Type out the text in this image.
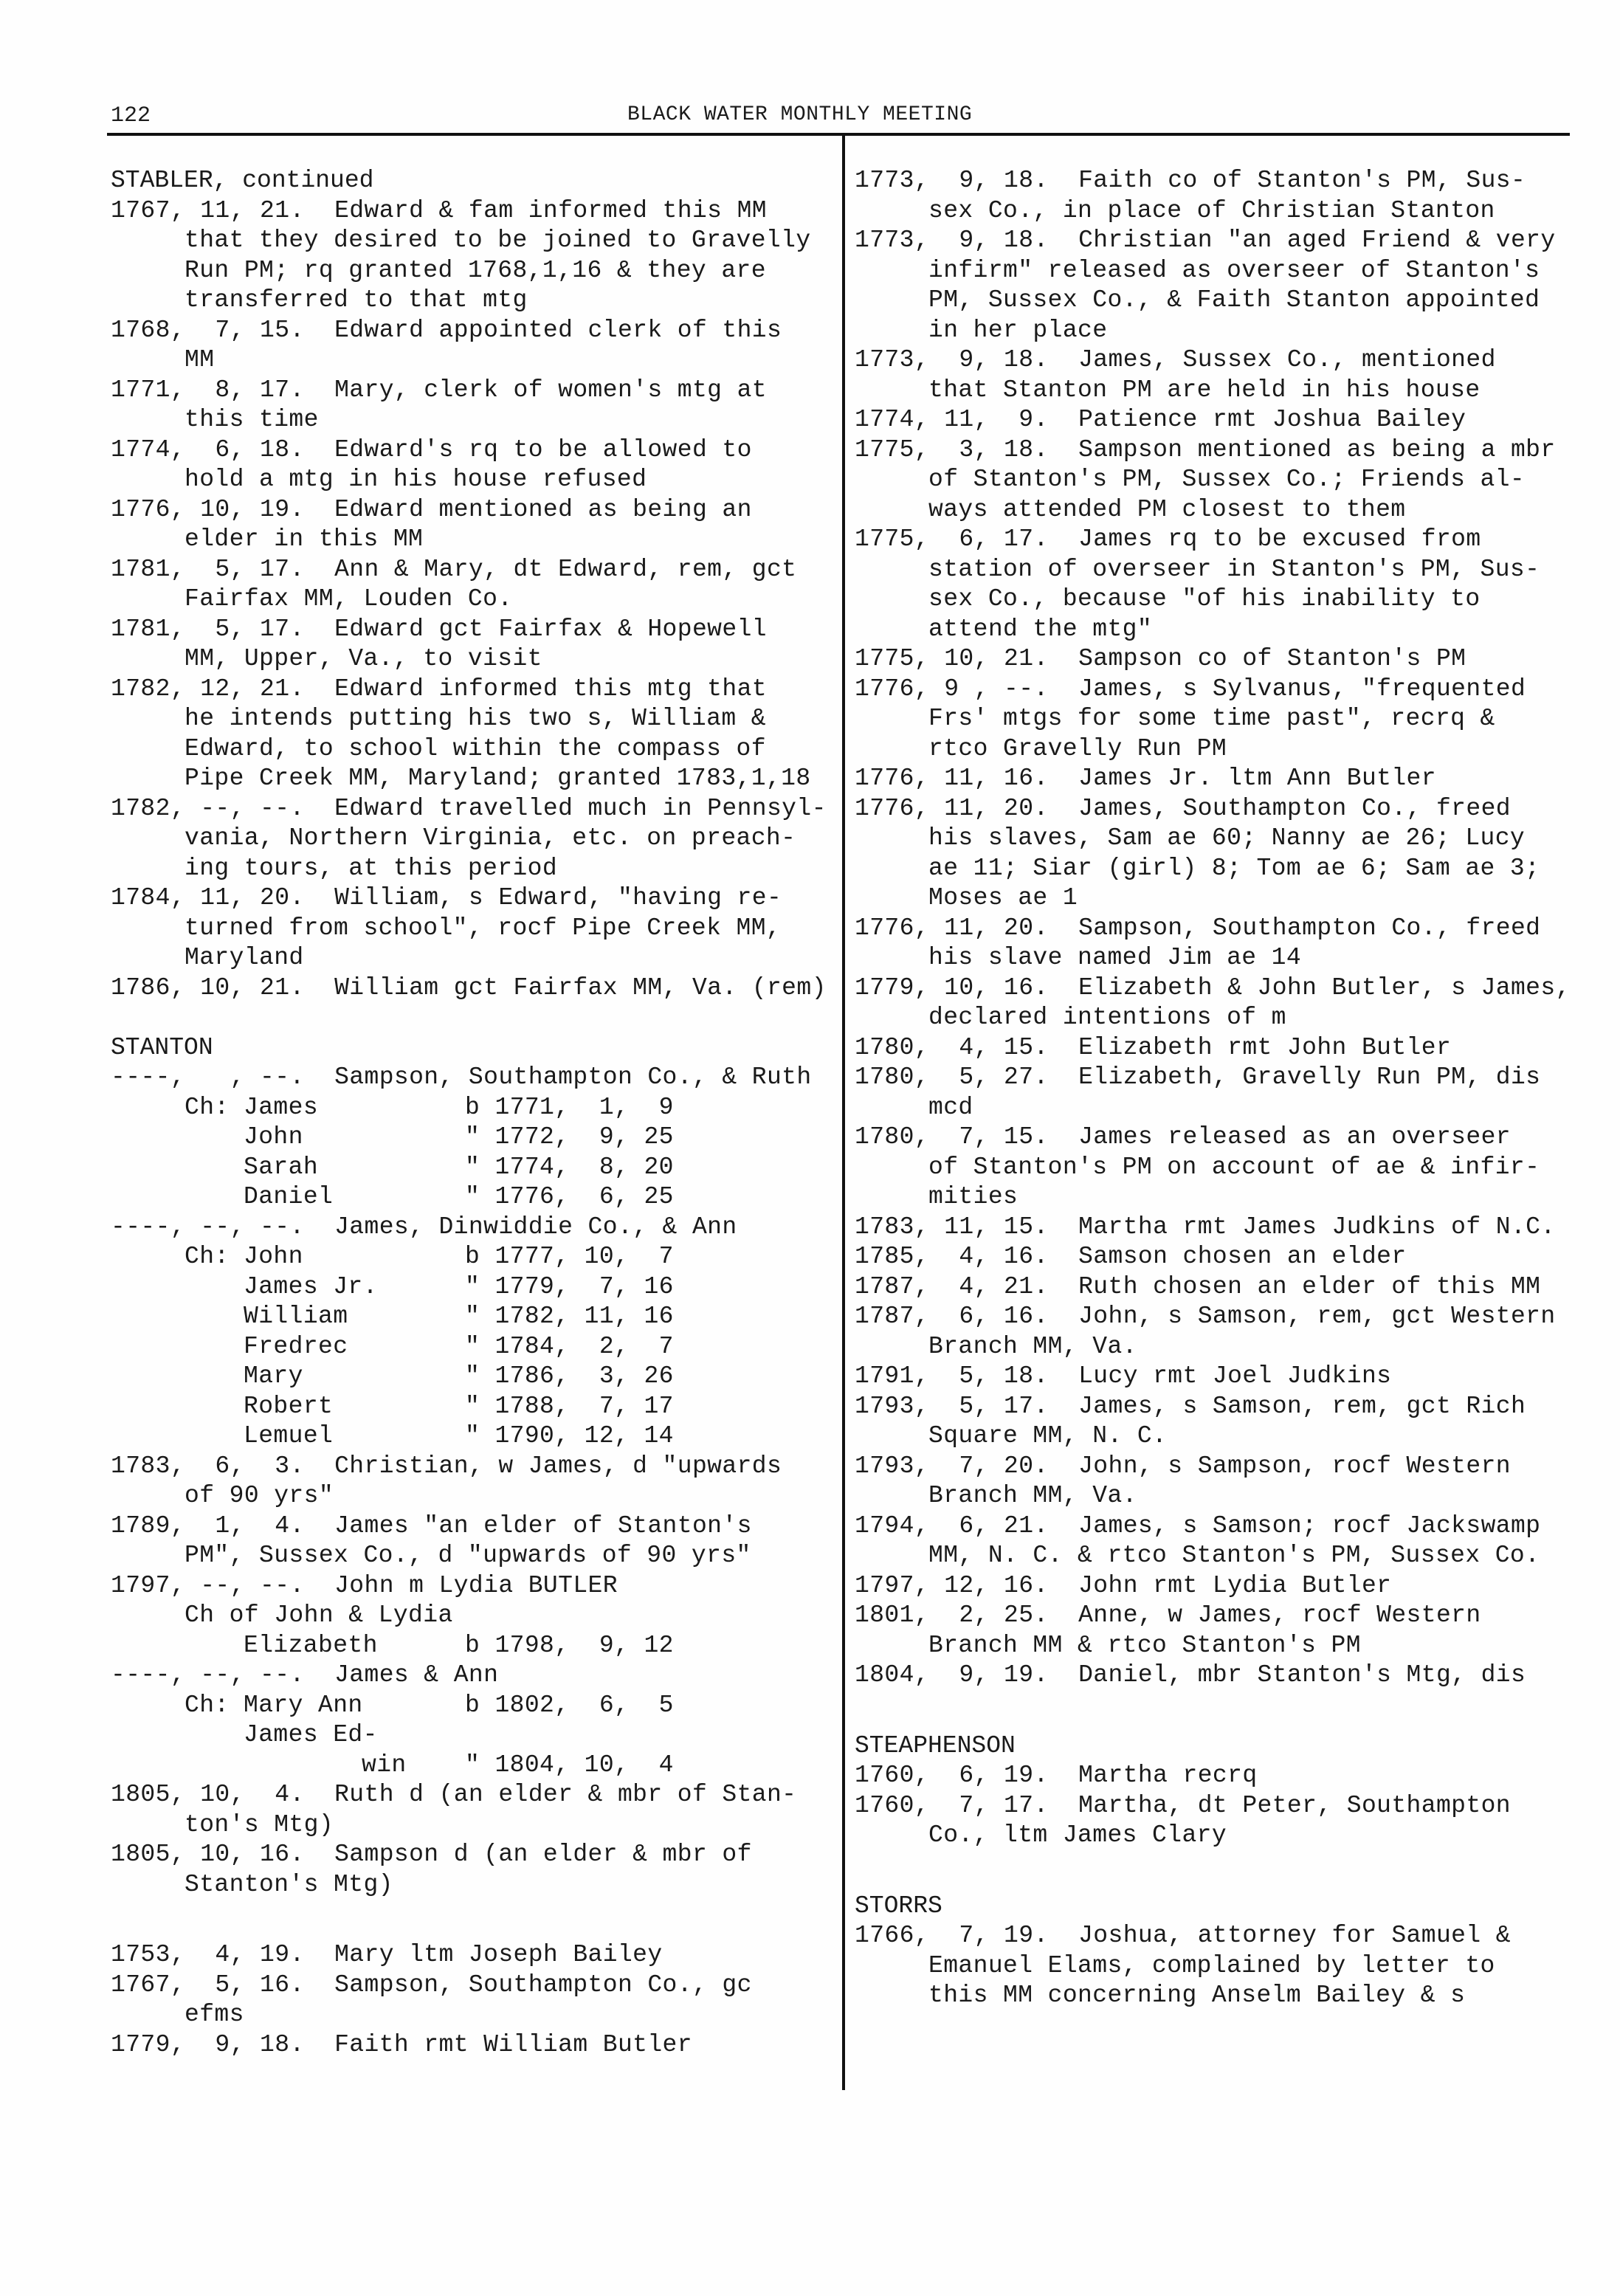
122	BLACK WATER MONTHLY MEETING
STABLER, continued
1767, 11, 21. Edward & fam informed this MM
that they desired to be joined to Gravelly
Run PM; rq granted 1768,1,16 & they are
transferred to that mtg
1768,  7, 15. Edward appointed clerk of this
MM
1771,  8, 17. Mary, clerk of women's mtg at
this time
1774,  6, 18. Edward's rq to be allowed to
hold a mtg in his house refused
1776, 10, 19. Edward mentioned as being an
elder in this MM
1781,  5, 17. Ann & Mary, dt Edward, rem, gct
Fairfax MM, Louden Co.
1781,  5, 17. Edward gct Fairfax & Hopewell
MM, Upper, Va., to visit
1782, 12, 21. Edward informed this mtg that
he intends putting his two s, William &
Edward, to school within the compass of
Pipe Creek MM, Maryland; granted 1783,1,18
1782, --, --. Edward travelled much in Pennsyl-
vania, Northern Virginia, etc. on preach-
ing tours, at this period
1784, 11, 20. William, s Edward, "having re-
turned from school", rocf Pipe Creek MM,
Maryland
1786, 10, 21. William gct Fairfax MM, Va. (rem)
STANTON
----,   , --. Sampson, Southampton Co., & Ruth
Ch: James	b 1771,  1,  9
John	" 1772,  9, 25
Sarah	" 1774,  8, 20
Daniel	" 1776,  6, 25
----, --, --. James, Dinwiddie Co., & Ann
Ch: John	b 1777, 10,  7
James Jr.	" 1779,  7, 16
William	" 1782, 11, 16
Fredrec	" 1784,  2,  7
Mary	" 1786,  3, 26
Robert	" 1788,  7, 17
Lemuel	" 1790, 12, 14
1783,  6,  3. Christian, w James, d "upwards
of 90 yrs"
1789,  1,  4. James "an elder of Stanton's
PM", Sussex Co., d "upwards of 90 yrs"
1797, --, --. John m Lydia BUTLER
Ch of John & Lydia
Elizabeth	b 1798,  9, 12
----, --, --. James & Ann
Ch: Mary Ann	b 1802,  6,  5
James Ed-
win " 1804, 10,  4
1805, 10,  4. Ruth d (an elder & mbr of Stan-
ton's Mtg)
1805, 10, 16. Sampson d (an elder & mbr of
Stanton's Mtg)
1753,  4, 19. Mary ltm Joseph Bailey
1767,  5, 16. Sampson, Southampton Co., gc
efms
1779,  9, 18. Faith rmt William Butler
1773,  9, 18. Faith co of Stanton's PM, Sus-
sex Co., in place of Christian Stanton
1773,  9, 18. Christian "an aged Friend & very
infirm" released as overseer of Stanton's
PM, Sussex Co., & Faith Stanton appointed
in her place
1773,  9, 18. James, Sussex Co., mentioned
that Stanton PM are held in his house
1774, 11,  9. Patience rmt Joshua Bailey
1775,  3, 18. Sampson mentioned as being a mbr
of Stanton's PM, Sussex Co.; Friends al-
ways attended PM closest to them
1775,  6, 17. James rq to be excused from
station of overseer in Stanton's PM, Sus-
sex Co., because "of his inability to
attend the mtg"
1775, 10, 21. Sampson co of Stanton's PM
1776, 9 , --. James, s Sylvanus, "frequented
Frs' mtgs for some time past", recrq &
rtco Gravelly Run PM
1776, 11, 16. James Jr. ltm Ann Butler
1776, 11, 20. James, Southampton Co., freed
his slaves, Sam ae 60; Nanny ae 26; Lucy
ae 11; Siar (girl) 8; Tom ae 6; Sam ae 3;
Moses ae 1
1776, 11, 20. Sampson, Southampton Co., freed
his slave named Jim ae 14
1779, 10, 16. Elizabeth & John Butler, s James,
declared intentions of m
1780,  4, 15. Elizabeth rmt John Butler
1780,  5, 27. Elizabeth, Gravelly Run PM, dis
mcd
1780,  7, 15. James released as an overseer
of Stanton's PM on account of ae & infir-
mities
1783, 11, 15. Martha rmt James Judkins of N.C.
1785,  4, 16. Samson chosen an elder
1787,  4, 21. Ruth chosen an elder of this MM
1787,  6, 16. John, s Samson, rem, gct Western
Branch MM, Va.
1791,  5, 18. Lucy rmt Joel Judkins
1793,  5, 17. James, s Samson, rem, gct Rich
Square MM, N. C.
1793,  7, 20. John, s Sampson, rocf Western
Branch MM, Va.
1794,  6, 21. James, s Samson; rocf Jackswamp
MM, N. C. & rtco Stanton's PM, Sussex Co.
1797, 12, 16. John rmt Lydia Butler
1801,  2, 25. Anne, w James, rocf Western
Branch MM & rtco Stanton's PM
1804,  9, 19. Daniel, mbr Stanton's Mtg, dis
STEAPHENSON
1760,  6, 19. Martha recrq
1760,  7, 17. Martha, dt Peter, Southampton
Co., ltm James Clary
STORRS
1766,  7, 19. Joshua, attorney for Samuel &
Emanuel Elams, complained by letter to
this MM concerning Anselm Bailey & s
